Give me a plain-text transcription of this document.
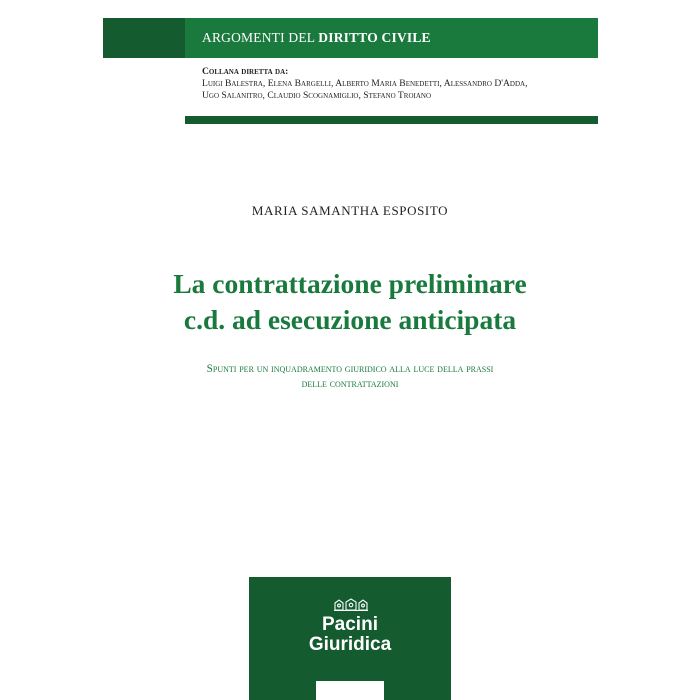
ARGOMENTI DEL DIRITTO CIVILE
Collana diretta da:
Luigi Balestra, Elena Bargelli, Alberto Maria Benedetti, Alessandro D'Adda,
Ugo Salanitro, Claudio Scognamiglio, Stefano Troiano
MARIA SAMANTHA ESPOSITO
La contrattazione preliminare
c.d. ad esecuzione anticipata
Spunti per un inquadramento giuridico alla luce della prassi
delle contrattazioni
Pacini
Giuridica
